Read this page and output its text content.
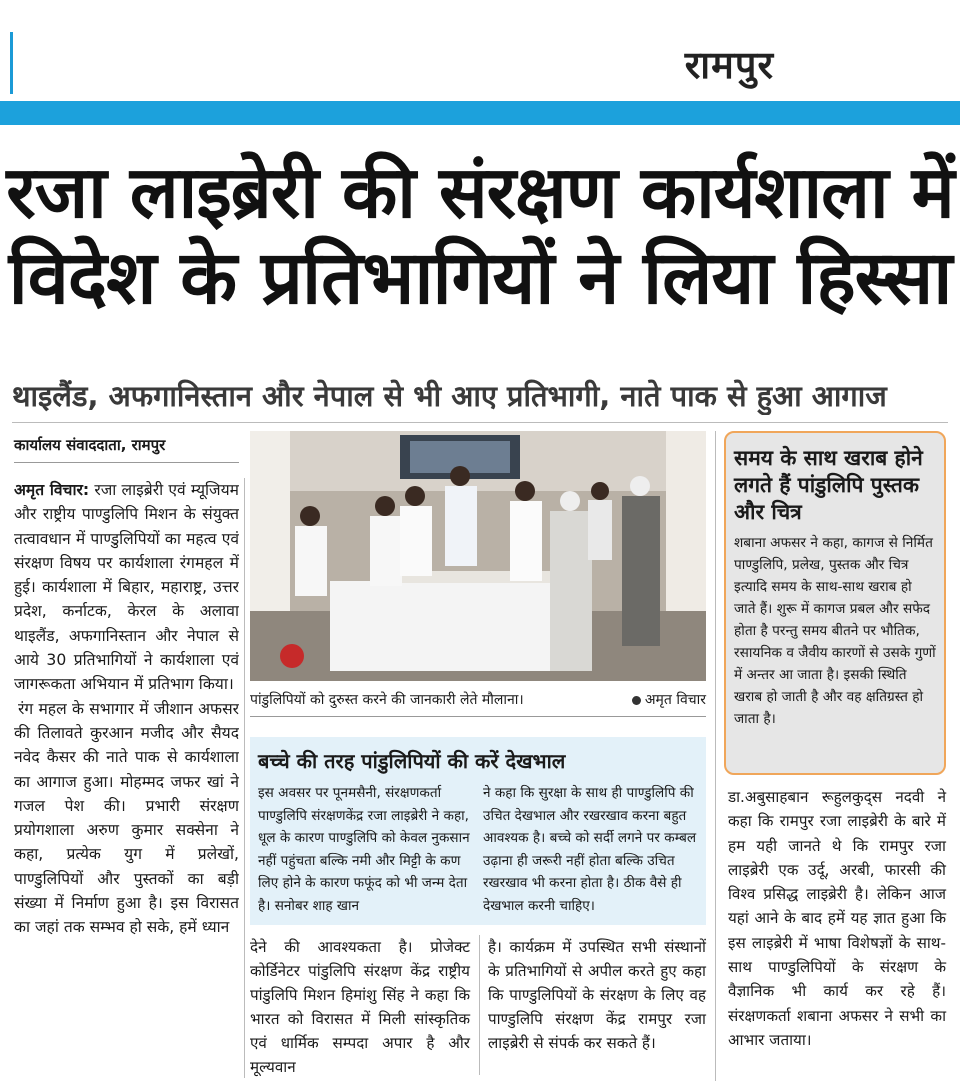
रामपुर
रजा लाइब्रेरी की संरक्षण कार्यशाला में
विदेश के प्रतिभागियों ने लिया हिस्सा
थाइलैंड, अफगानिस्तान और नेपाल से भी आए प्रतिभागी, नाते पाक से हुआ आगाज
कार्यालय संवाददाता, रामपुर

अमृत विचार: रजा लाइब्रेरी एवं म्यूजियम और राष्ट्रीय पाण्डुलिपि मिशन के संयुक्त तत्वावधान में पाण्डुलिपियों का महत्व एवं संरक्षण विषय पर कार्यशाला रंगमहल में हुई। कार्यशाला में बिहार, महाराष्ट्र, उत्तर प्रदेश, कर्नाटक, केरल के अलावा थाइलैंड, अफगानिस्तान और नेपाल से आये 30 प्रतिभागियों ने कार्यशाला एवं जागरूकता अभियान में प्रतिभाग किया।

रंग महल के सभागार में जीशान अफसर की तिलावते कुरआन मजीद और सैयद नवेद कैसर की नाते पाक से कार्यशाला का आगाज हुआ। मोहम्मद जफर खां ने गजल पेश की। प्रभारी संरक्षण प्रयोगशाला अरुण कुमार सक्सेना ने कहा, प्रत्येक युग में प्रलेखों, पाण्डुलिपियों और पुस्तकों का बड़ी संख्या में निर्माण हुआ है। इस विरासत का जहां तक सम्भव हो सके, हमें ध्यान

पांडुलिपियों को दुरुस्त करने की जानकारी लेते मौलाना।	अमृत विचार
बच्चे की तरह पांडुलिपियों की करें देखभाल
इस अवसर पर पूनमसैनी, संरक्षणकर्ता पाण्डुलिपि संरक्षणकेंद्र रजा लाइब्रेरी ने कहा, धूल के कारण पाण्डुलिपि को केवल नुकसान नहीं पहुंचता बल्कि नमी और मिट्टी के कण लिए होने के कारण फफूंद को भी जन्म देता है। सनोबर शाह खान
ने कहा कि सुरक्षा के साथ ही पाण्डुलिपि की उचित देखभाल और रखरखाव करना बहुत आवश्यक है। बच्चे को सर्दी लगने पर कम्बल उढ़ाना ही जरूरी नहीं होता बल्कि उचित रखरखाव भी करना होता है। ठीक वैसे ही देखभाल करनी चाहिए।
देने की आवश्यकता है। प्रोजेक्ट कोर्डिनेटर पांडुलिपि संरक्षण केंद्र राष्ट्रीय पांडुलिपि मिशन हिमांशु सिंह ने कहा कि भारत को विरासत में मिली सांस्कृतिक एवं धार्मिक सम्पदा अपार है और मूल्यवान
है। कार्यक्रम में उपस्थित सभी संस्थानों के प्रतिभागियों से अपील करते हुए कहा कि पाण्डुलिपियों के संरक्षण के लिए वह पाण्डुलिपि संरक्षण केंद्र रामपुर रजा लाइब्रेरी से संपर्क कर सकते हैं।
समय के साथ खराब होने लगते हैं पांडुलिपि पुस्तक और चित्र

शबाना अफसर ने कहा, कागज से निर्मित पाण्डुलिपि, प्रलेख, पुस्तक और चित्र इत्यादि समय के साथ-साथ खराब हो जाते हैं। शुरू में कागज प्रबल और सफेद होता है परन्तु समय बीतने पर भौतिक, रसायनिक व जैवीय कारणों से उसके गुणों में अन्तर आ जाता है। इसकी स्थिति खराब हो जाती है और वह क्षतिग्रस्त हो जाता है।

डा.अबुसाहबान रूहुलकुद्स नदवी ने कहा कि रामपुर रजा लाइब्रेरी के बारे में हम यही जानते थे कि रामपुर रजा लाइब्रेरी एक उर्दू, अरबी, फारसी की विश्व प्रसिद्ध लाइब्रेरी है। लेकिन आज यहां आने के बाद हमें यह ज्ञात हुआ कि इस लाइब्रेरी में भाषा विशेषज्ञों के साथ-साथ पाण्डुलिपियों के संरक्षण के वैज्ञानिक भी कार्य कर रहे हैं। संरक्षणकर्ता शबाना अफसर ने सभी का आभार जताया।
